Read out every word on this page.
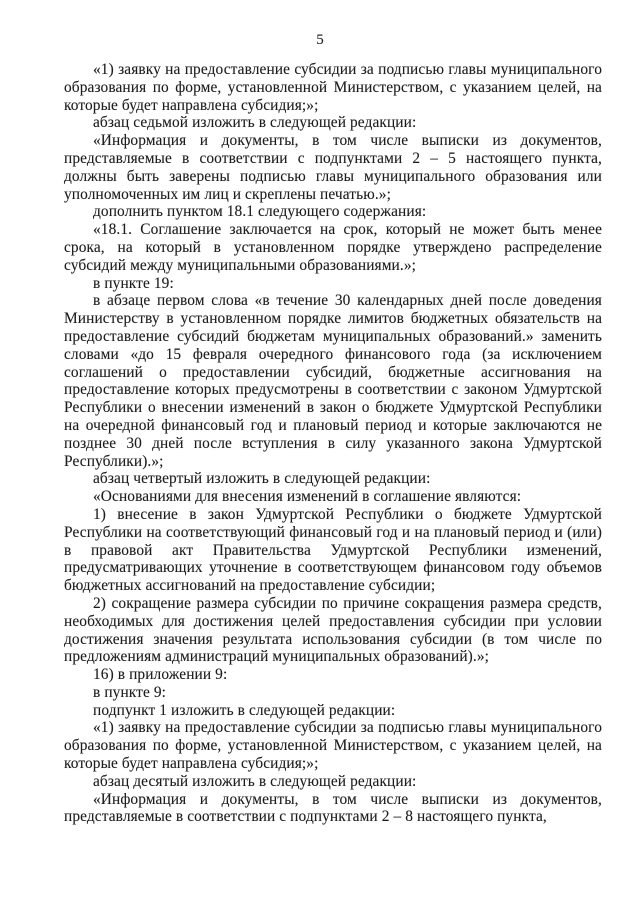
5

«1) заявку на предоставление субсидии за подписью главы муниципального образования по форме, установленной Министерством, с указанием целей, на которые будет направлена субсидия;»;

абзац седьмой изложить в следующей редакции:

«Информация и документы, в том числе выписки из документов, представляемые в соответствии с подпунктами 2 – 5 настоящего пункта, должны быть заверены подписью главы муниципального образования или уполномоченных им лиц и скреплены печатью.»;

дополнить пунктом 18.1 следующего содержания:

«18.1. Соглашение заключается на срок, который не может быть менее срока, на который в установленном порядке утверждено распределение субсидий между муниципальными образованиями.»;

в пункте 19:

в абзаце первом слова «в течение 30 календарных дней после доведения Министерству в установленном порядке лимитов бюджетных обязательств на предоставление субсидий бюджетам муниципальных образований.» заменить словами «до 15 февраля очередного финансового года (за исключением соглашений о предоставлении субсидий, бюджетные ассигнования на предоставление которых предусмотрены в соответствии с законом Удмуртской Республики о внесении изменений в закон о бюджете Удмуртской Республики на очередной финансовый год и плановый период и которые заключаются не позднее 30 дней после вступления в силу указанного закона Удмуртской Республики).»;

абзац четвертый изложить в следующей редакции:

«Основаниями для внесения изменений в соглашение являются:

1) внесение в закон Удмуртской Республики о бюджете Удмуртской Республики на соответствующий финансовый год и на плановый период и (или) в правовой акт Правительства Удмуртской Республики изменений, предусматривающих уточнение в соответствующем финансовом году объемов бюджетных ассигнований на предоставление субсидии;

2) сокращение размера субсидии по причине сокращения размера средств, необходимых для достижения целей предоставления субсидии при условии достижения значения результата использования субсидии (в том числе по предложениям администраций муниципальных образований).»;

16) в приложении 9:

в пункте 9:

подпункт 1 изложить в следующей редакции:

«1) заявку на предоставление субсидии за подписью главы муниципального образования по форме, установленной Министерством, с указанием целей, на которые будет направлена субсидия;»;

абзац десятый изложить в следующей редакции:

«Информация и документы, в том числе выписки из документов, представляемые в соответствии с подпунктами 2 – 8 настоящего пункта,
